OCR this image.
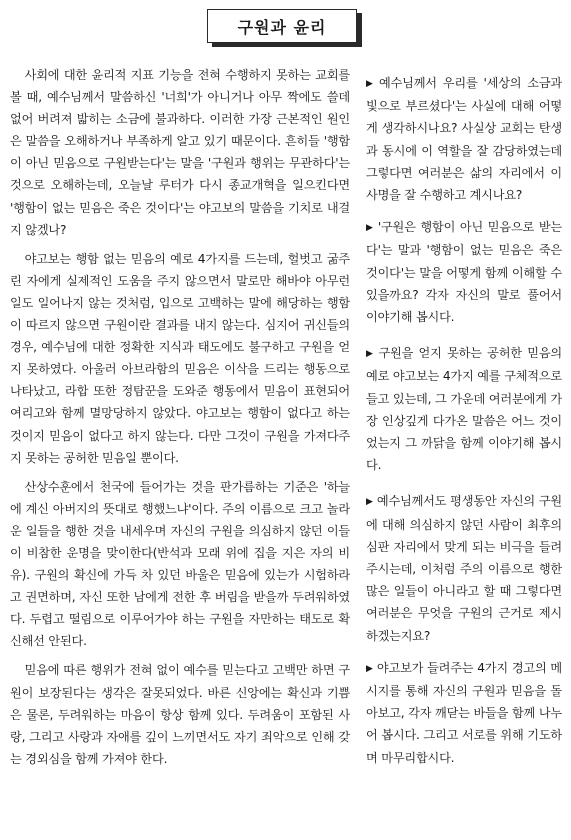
구원과 윤리

사회에 대한 윤리적 지표 기능을 전혀 수행하지 못하는 교회를 볼 때, 예수님께서 말씀하신 '너희'가 아니거나 아무 짝에도 쓸데없어 버려져 밟히는 소금에 불과하다. 이러한 가장 근본적인 원인은 말씀을 오해하거나 부족하게 알고 있기 때문이다. 흔히들 '행함이 아닌 믿음으로 구원받는다'는 말을 '구원과 행위는 무관하다'는 것으로 오해하는데, 오늘날 루터가 다시 종교개혁을 일으킨다면 '행함이 없는 믿음은 죽은 것이다'는 야고보의 말씀을 기치로 내걸지 않겠나?

야고보는 행함 없는 믿음의 예로 4가지를 드는데, 헐벗고 굶주린 자에게 실제적인 도움을 주지 않으면서 말로만 해바야 아무런 일도 일어나지 않는 것처럼, 입으로 고백하는 말에 해당하는 행함이 따르지 않으면 구원이란 결과를 내지 않는다. 심지어 귀신들의 경우, 예수님에 대한 정확한 지식과 태도에도 불구하고 구원을 얻지 못하였다. 아울러 아브라함의 믿음은 이삭을 드리는 행동으로 나타났고, 라합 또한 정탐꾼을 도와준 행동에서 믿음이 표현되어 여리고와 함께 멸망당하지 않았다. 야고보는 행함이 없다고 하는 것이지 믿음이 없다고 하지 않는다. 다만 그것이 구원을 가져다주지 못하는 공허한 믿음일 뿐이다.

산상수훈에서 천국에 들어가는 것을 판가름하는 기준은 '하늘에 계신 아버지의 뜻대로 행했느냐'이다. 주의 이름으로 크고 놀라운 일들을 행한 것을 내세우며 자신의 구원을 의심하지 않던 이들이 비참한 운명을 맞이한다(반석과 모래 위에 집을 지은 자의 비유). 구원의 확신에 가득 차 있던 바울은 믿음에 있는가 시험하라고 권면하며, 자신 또한 남에게 전한 후 버림을 받을까 두려워하였다. 두렵고 떨림으로 이루어가야 하는 구원을 자만하는 태도로 확신해선 안된다.

믿음에 따른 행위가 전혀 없이 예수를 믿는다고 고백만 하면 구원이 보장된다는 생각은 잘못되었다. 바른 신앙에는 확신과 기쁨은 물론, 두려워하는 마음이 항상 함께 있다. 두려움이 포함된 사랑, 그리고 사랑과 자애를 깊이 느끼면서도 자기 죄악으로 인해 갖는 경외심을 함께 가져야 한다.

▶ 예수님께서 우리를 '세상의 소금과 빛으로 부르셨다'는 사실에 대해 어떻게 생각하시나요? 사실상 교회는 탄생과 동시에 이 역할을 잘 감당하였는데 그렇다면 여러분은 삶의 자리에서 이 사명을 잘 수행하고 계시나요?
▶ '구원은 행함이 아닌 믿음으로 받는다'는 말과 '행함이 없는 믿음은 죽은 것이다'는 말을 어떻게 함께 이해할 수 있을까요? 각자 자신의 말로 풀어서 이야기해 봅시다.
▶ 구원을 얻지 못하는 공허한 믿음의 예로 야고보는 4가지 예를 구체적으로 들고 있는데, 그 가운데 여러분에게 가장 인상깊게 다가온 말씀은 어느 것이었는지 그 까닭을 함께 이야기해 봅시다.
▶ 예수님께서도 평생동안 자신의 구원에 대해 의심하지 않던 사람이 최후의 심판 자리에서 맞게 되는 비극을 들려주시는데, 이처럼 주의 이름으로 행한 많은 일들이 아니라고 할 때 그렇다면 여러분은 무엇을 구원의 근거로 제시하겠는지요?
▶ 야고보가 들려주는 4가지 경고의 메시지를 통해 자신의 구원과 믿음을 돌아보고, 각자 깨닫는 바들을 함께 나누어 봅시다. 그리고 서로를 위해 기도하며 마무리합시다.
